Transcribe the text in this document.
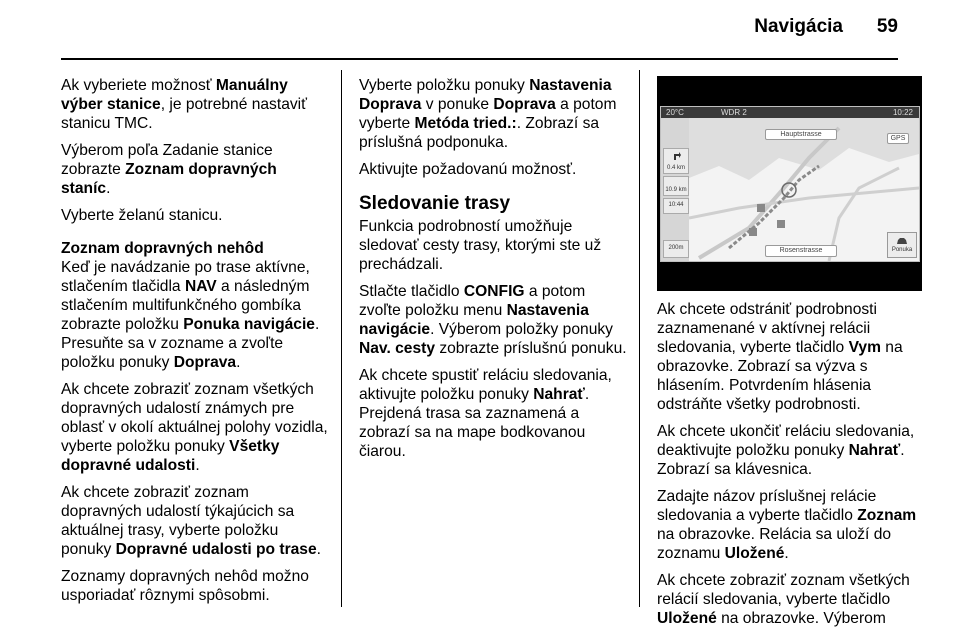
Navigácia	59

Ak vyberiete možnosť Manuálny výber stanice, je potrebné nastaviť stanicu TMC.

Výberom poľa Zadanie stanice zobrazte Zoznam dopravných staníc.

Vyberte želanú stanicu.

Zoznam dopravných nehôd

Keď je navádzanie po trase aktívne, stlačením tlačidla NAV a následným stlačením multifunkčného gombíka zobrazte položku Ponuka navigácie. Presuňte sa v zozname a zvoľte položku ponuky Doprava.

Ak chcete zobraziť zoznam všetkých dopravných udalostí známych pre oblasť v okolí aktuálnej polohy vozidla, vyberte položku ponuky Všetky dopravné udalosti.

Ak chcete zobraziť zoznam dopravných udalostí týkajúcich sa aktuálnej trasy, vyberte položku ponuky Dopravné udalosti po trase.

Zoznamy dopravných nehôd možno usporiadať rôznymi spôsobmi.

Vyberte položku ponuky Nastavenia Doprava v ponuke Doprava a potom vyberte Metóda tried.:. Zobrazí sa príslušná podponuka.

Aktivujte požadovanú možnosť.

Sledovanie trasy

Funkcia podrobností umožňuje sledovať cesty trasy, ktorými ste už prechádzali.

Stlačte tlačidlo CONFIG a potom zvoľte položku menu Nastavenia navigácie. Výberom položky ponuky Nav. cesty zobrazte príslušnú ponuku.

Ak chcete spustiť reláciu sledovania, aktivujte položku ponuky Nahrať. Prejdená trasa sa zaznamená a zobrazí sa na mape bodkovanou čiarou.

20°C	WDR 2	10:22
0.4 km
10.9 km
10:44
200m
Hauptstrasse
GPS
Rosenstrasse	Ponuka

Ak chcete odstrániť podrobnosti zaznamenané v aktívnej relácii sledovania, vyberte tlačidlo Vym na obrazovke. Zobrazí sa výzva s hlásením. Potvrdením hlásenia odstráňte všetky podrobnosti.

Ak chcete ukončiť reláciu sledovania, deaktivujte položku ponuky Nahrať. Zobrazí sa klávesnica.

Zadajte názov príslušnej relácie sledovania a vyberte tlačidlo Zoznam na obrazovke. Relácia sa uloží do zoznamu Uložené.

Ak chcete zobraziť zoznam všetkých relácií sledovania, vyberte tlačidlo Uložené na obrazovke. Výberom
